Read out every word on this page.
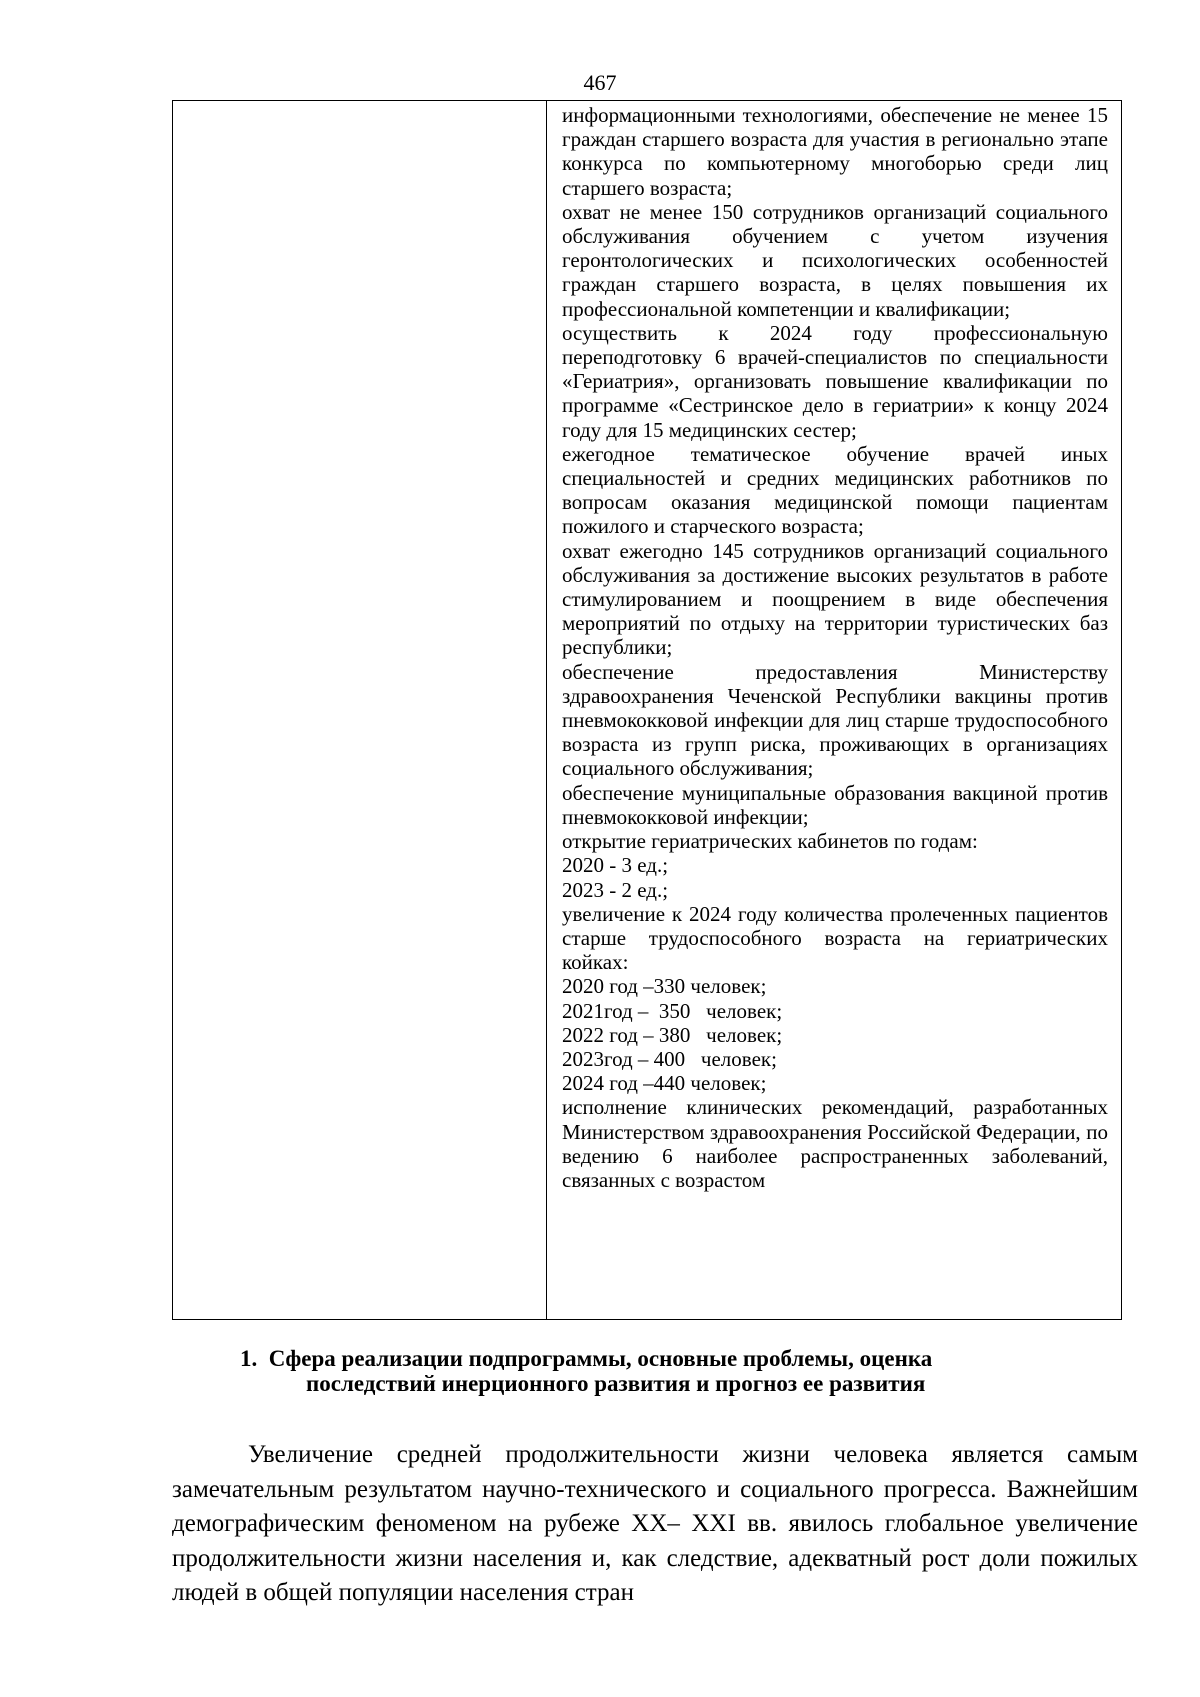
467

информационными технологиями, обеспечение не менее 15 граждан старшего возраста для участия в регионально этапе конкурса по компьютерному многоборью среди лиц старшего возраста;

охват не менее 150 сотрудников организаций социального обслуживания обучением с учетом изучения геронтологических и психологических особенностей граждан старшего возраста, в целях повышения их профессиональной компетенции и квалификации;

осуществить к 2024 году профессиональную переподготовку 6 врачей-специалистов по специальности «Гериатрия», организовать повышение квалификации по программе «Сестринское дело в гериатрии» к концу 2024 году для 15 медицинских сестер;

ежегодное тематическое обучение врачей иных специальностей и средних медицинских работников по вопросам оказания медицинской помощи пациентам пожилого и старческого возраста;

охват ежегодно 145 сотрудников организаций социального обслуживания за достижение высоких результатов в работе стимулированием и поощрением в виде обеспечения мероприятий по отдыху на территории туристических баз республики;

обеспечение предоставления Министерству здравоохранения Чеченской Республики вакцины против пневмококковой инфекции для лиц старше трудоспособного возраста из групп риска, проживающих в организациях социального обслуживания;

обеспечение муниципальные образования вакциной против пневмококковой инфекции;

открытие гериатрических кабинетов по годам:

2020 - 3 ед.;

2023 - 2 ед.;

увеличение к 2024 году количества пролеченных пациентов старше трудоспособного возраста на гериатрических койках:

2020 год –330 человек;

2021год –  350   человек;

2022 год – 380   человек;

2023год – 400   человек;

2024 год –440 человек;

исполнение клинических рекомендаций, разработанных Министерством здравоохранения Российской Федерации, по ведению 6 наиболее распространенных заболеваний, связанных с возрастом

1. Сфера реализации подпрограммы, основные проблемы, оценка
последствий инерционного развития и прогноз ее развития

Увеличение средней продолжительности жизни человека является самым замечательным результатом научно-технического и социального прогресса. Важнейшим демографическим феноменом на рубеже XX– XXI вв. явилось глобальное увеличение продолжительности жизни населения и, как следствие, адекватный рост доли пожилых людей в общей популяции населения стран
